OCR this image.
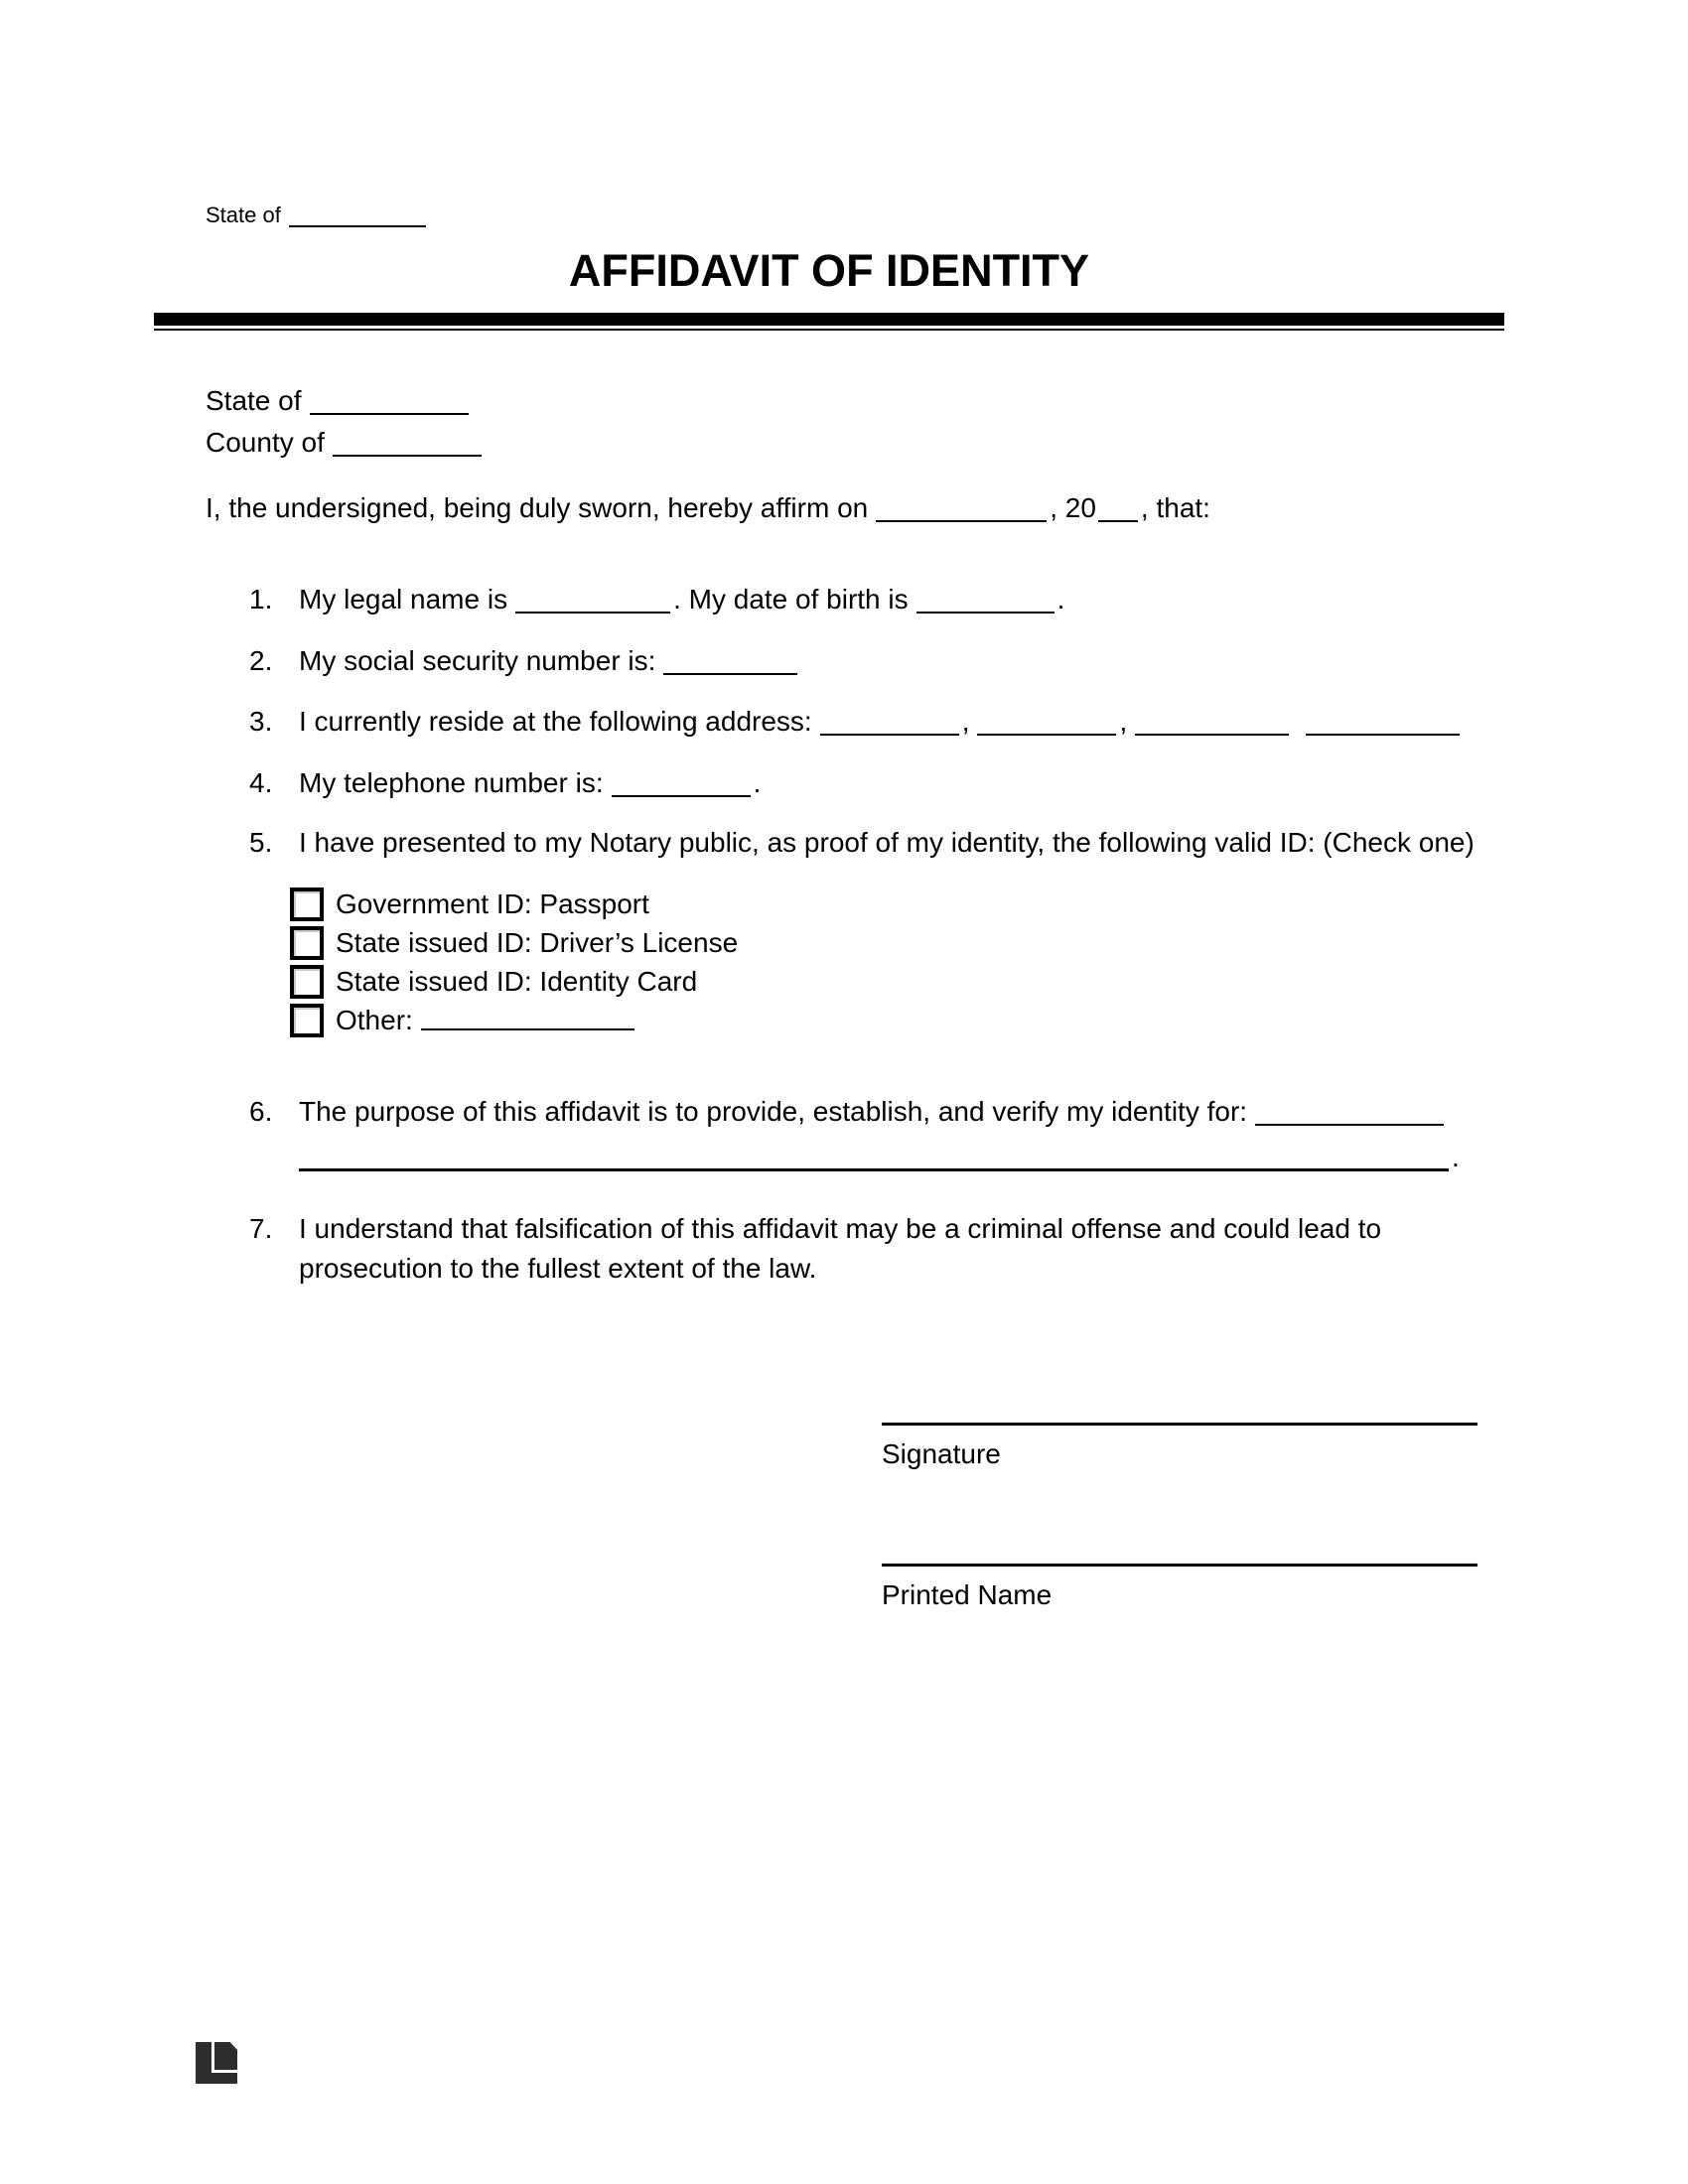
State of
AFFIDAVIT OF IDENTITY
State of
County of
I, the undersigned, being duly sworn, hereby affirm on	, 20 , that:
1. My legal name is	. My date of birth is	.
2. My social security number is:
3. I currently reside at the following address:	,	,
4. My telephone number is:	.
5. I have presented to my Notary public, as proof of my identity, the following valid ID: (Check one)
Government ID: Passport
State issued ID: Driver’s License
State issued ID: Identity Card
Other:
6. The purpose of this affidavit is to provide, establish, and verify my identity for:
.
7. I understand that falsification of this affidavit may be a criminal offense and could lead to prosecution to the fullest extent of the law.
Signature
Printed Name
